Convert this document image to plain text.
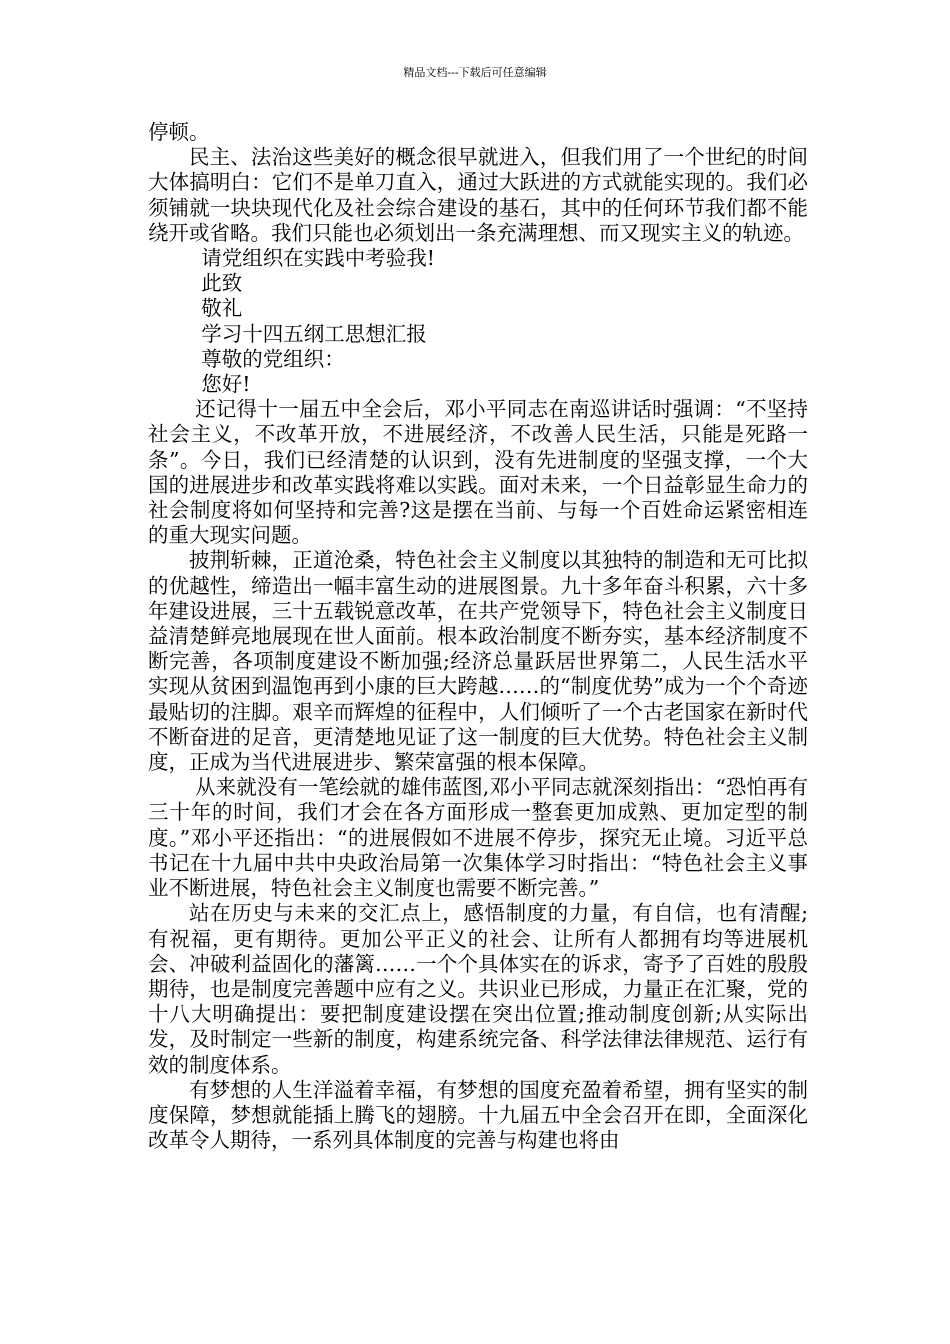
精品文档---下载后可任意编辑

停顿。

民主、法治这些美好的概念很早就进入，但我们用了一个世纪的时间大体搞明白：它们不是单刀直入，通过大跃进的方式就能实现的。我们必须铺就一块块现代化及社会综合建设的基石，其中的任何环节我们都不能绕开或省略。我们只能也必须划出一条充满理想、而又现实主义的轨迹。

请党组织在实践中考验我!

此致

敬礼

学习十四五纲工思想汇报

尊敬的党组织：

您好!

还记得十一届五中全会后，邓小平同志在南巡讲话时强调：“不坚持社会主义，不改革开放，不进展经济，不改善人民生活，只能是死路一条”。今日，我们已经清楚的认识到，没有先进制度的坚强支撑，一个大国的进展进步和改革实践将难以实践。面对未来，一个日益彰显生命力的社会制度将如何坚持和完善?这是摆在当前、与每一个百姓命运紧密相连的重大现实问题。

披荆斩棘，正道沧桑，特色社会主义制度以其独特的制造和无可比拟的优越性，缔造出一幅丰富生动的进展图景。九十多年奋斗积累，六十多年建设进展，三十五载锐意改革，在共产党领导下，特色社会主义制度日益清楚鲜亮地展现在世人面前。根本政治制度不断夯实，基本经济制度不断完善，各项制度建设不断加强;经济总量跃居世界第二，人民生活水平实现从贫困到温饱再到小康的巨大跨越……的“制度优势”成为一个个奇迹最贴切的注脚。艰辛而辉煌的征程中，人们倾听了一个古老国家在新时代不断奋进的足音，更清楚地见证了这一制度的巨大优势。特色社会主义制度，正成为当代进展进步、繁荣富强的根本保障。

从来就没有一笔绘就的雄伟蓝图,邓小平同志就深刻指出：“恐怕再有三十年的时间，我们才会在各方面形成一整套更加成熟、更加定型的制度。”邓小平还指出：“的进展假如不进展不停步，探究无止境。习近平总书记在十九届中共中央政治局第一次集体学习时指出：“特色社会主义事业不断进展，特色社会主义制度也需要不断完善。”

站在历史与未来的交汇点上，感悟制度的力量，有自信，也有清醒;有祝福，更有期待。更加公平正义的社会、让所有人都拥有均等进展机会、冲破利益固化的藩篱……一个个具体实在的诉求，寄予了百姓的殷殷期待，也是制度完善题中应有之义。共识业已形成，力量正在汇聚，党的十八大明确提出：要把制度建设摆在突出位置;推动制度创新;从实际出发，及时制定一些新的制度，构建系统完备、科学法律法律规范、运行有效的制度体系。

有梦想的人生洋溢着幸福，有梦想的国度充盈着希望，拥有坚实的制度保障，梦想就能插上腾飞的翅膀。十九届五中全会召开在即，全面深化改革令人期待，一系列具体制度的完善与构建也将由
